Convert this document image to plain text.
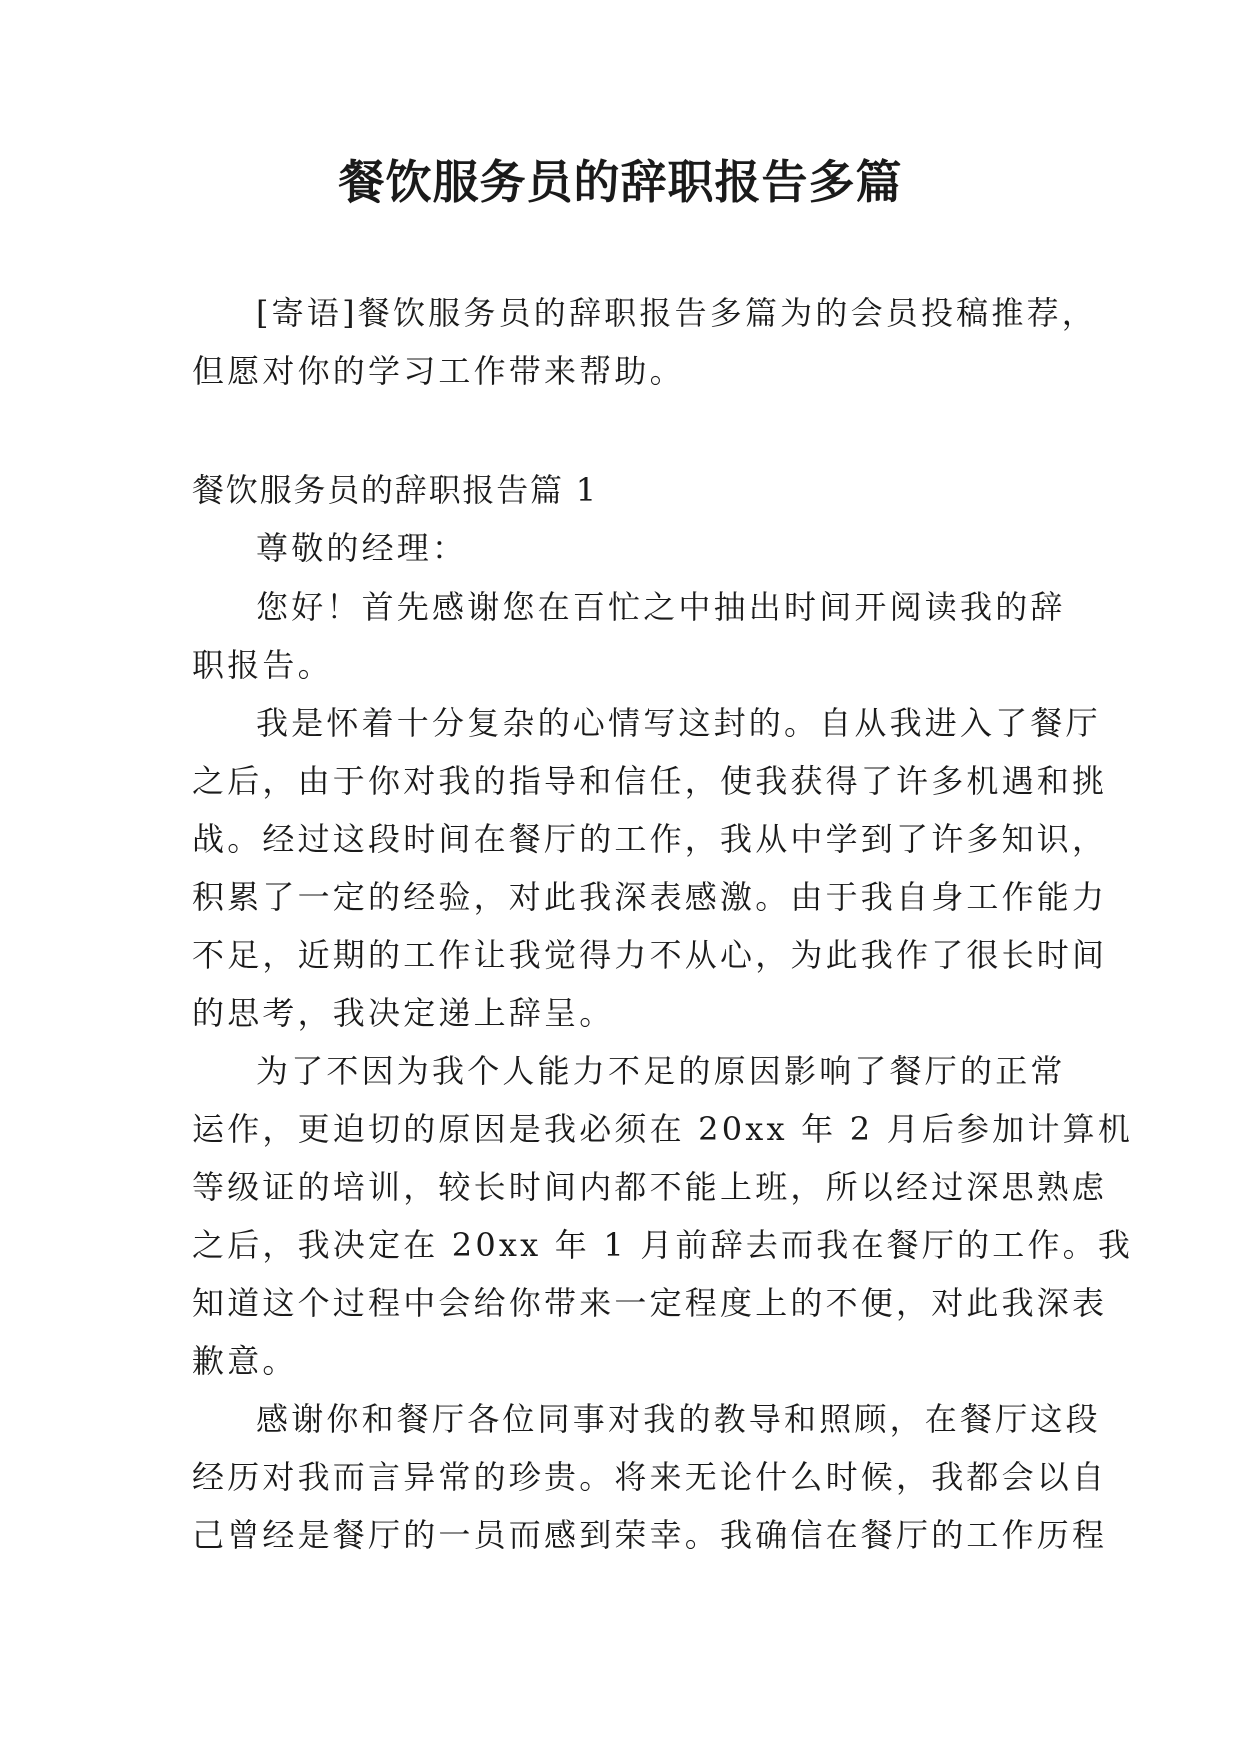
餐饮服务员的辞职报告多篇
[寄语]餐饮服务员的辞职报告多篇为的会员投稿推荐，
但愿对你的学习工作带来帮助。
餐饮服务员的辞职报告篇 1
尊敬的经理：
您好！首先感谢您在百忙之中抽出时间开阅读我的辞
职报告。
我是怀着十分复杂的心情写这封的。自从我进入了餐厅
之后，由于你对我的指导和信任，使我获得了许多机遇和挑
战。经过这段时间在餐厅的工作，我从中学到了许多知识，
积累了一定的经验，对此我深表感激。由于我自身工作能力
不足，近期的工作让我觉得力不从心，为此我作了很长时间
的思考，我决定递上辞呈。
为了不因为我个人能力不足的原因影响了餐厅的正常
运作，更迫切的原因是我必须在 20xx 年 2 月后参加计算机
等级证的培训，较长时间内都不能上班，所以经过深思熟虑
之后，我决定在 20xx 年 1 月前辞去而我在餐厅的工作。我
知道这个过程中会给你带来一定程度上的不便，对此我深表
歉意。
感谢你和餐厅各位同事对我的教导和照顾，在餐厅这段
经历对我而言异常的珍贵。将来无论什么时候，我都会以自
己曾经是餐厅的一员而感到荣幸。我确信在餐厅的工作历程
